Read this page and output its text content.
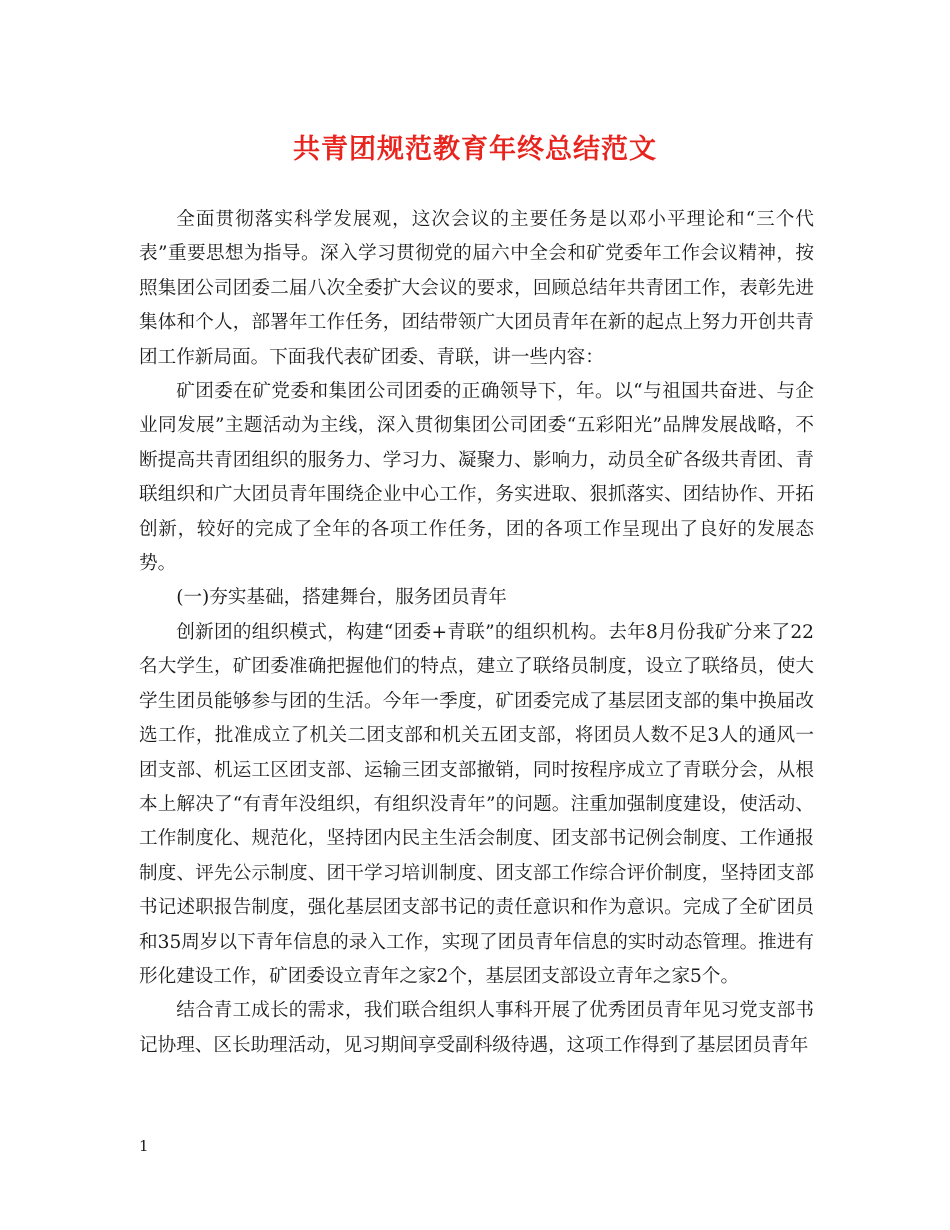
共青团规范教育年终总结范文

全面贯彻落实科学发展观，这次会议的主要任务是以邓小平理论和“三个代表”重要思想为指导。深入学习贯彻党的届六中全会和矿党委年工作会议精神，按照集团公司团委二届八次全委扩大会议的要求，回顾总结年共青团工作，表彰先进集体和个人，部署年工作任务，团结带领广大团员青年在新的起点上努力开创共青团工作新局面。下面我代表矿团委、青联，讲一些内容：

矿团委在矿党委和集团公司团委的正确领导下，年。以“与祖国共奋进、与企业同发展”主题活动为主线，深入贯彻集团公司团委“五彩阳光”品牌发展战略，不断提高共青团组织的服务力、学习力、凝聚力、影响力，动员全矿各级共青团、青联组织和广大团员青年围绕企业中心工作，务实进取、狠抓落实、团结协作、开拓创新，较好的完成了全年的各项工作任务，团的各项工作呈现出了良好的发展态势。

(一)夯实基础，搭建舞台，服务团员青年

创新团的组织模式，构建“团委+青联”的组织机构。去年8月份我矿分来了22名大学生，矿团委准确把握他们的特点，建立了联络员制度，设立了联络员，使大学生团员能够参与团的生活。今年一季度，矿团委完成了基层团支部的集中换届改选工作，批准成立了机关二团支部和机关五团支部，将团员人数不足3人的通风一团支部、机运工区团支部、运输三团支部撤销，同时按程序成立了青联分会，从根本上解决了“有青年没组织，有组织没青年”的问题。注重加强制度建设，使活动、工作制度化、规范化，坚持团内民主生活会制度、团支部书记例会制度、工作通报制度、评先公示制度、团干学习培训制度、团支部工作综合评价制度，坚持团支部书记述职报告制度，强化基层团支部书记的责任意识和作为意识。完成了全矿团员和35周岁以下青年信息的录入工作，实现了团员青年信息的实时动态管理。推进有形化建设工作，矿团委设立青年之家2个，基层团支部设立青年之家5个。

结合青工成长的需求，我们联合组织人事科开展了优秀团员青年见习党支部书记协理、区长助理活动，见习期间享受副科级待遇，这项工作得到了基层团员青年

1
